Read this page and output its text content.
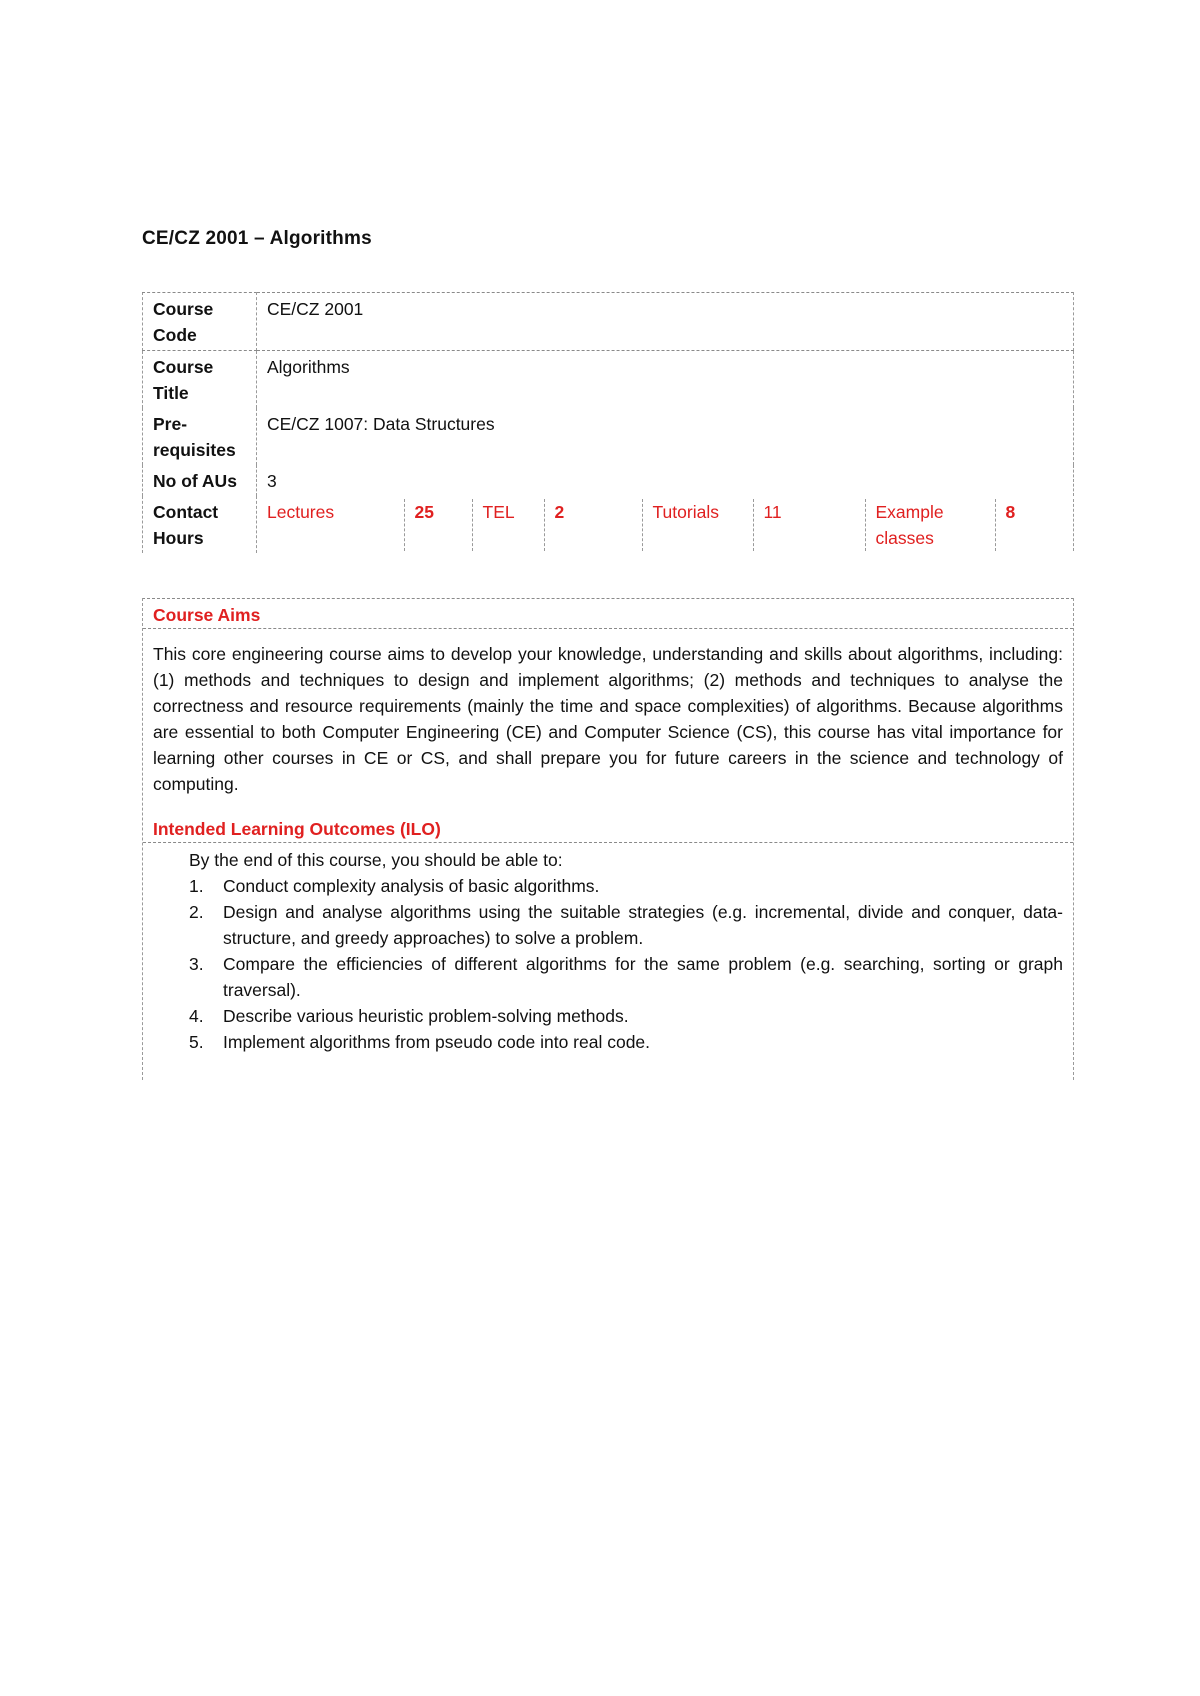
CE/CZ 2001 – Algorithms
Course Code	CE/CZ 2001
Course Title	Algorithms
Pre-requisites	CE/CZ 1007: Data Structures
No of AUs	3
Contact Hours	
Lectures	25	TEL	2	Tutorials	11	Example classes	8
Course Aims
This core engineering course aims to develop your knowledge, understanding and skills about algorithms, including: (1) methods and techniques to design and implement algorithms; (2) methods and techniques to analyse the correctness and resource requirements (mainly the time and space complexities) of algorithms. Because algorithms are essential to both Computer Engineering (CE) and Computer Science (CS), this course has vital importance for learning other courses in CE or CS, and shall prepare you for future careers in the science and technology of computing.
Intended Learning Outcomes (ILO)
By the end of this course, you should be able to:
1.	Conduct complexity analysis of basic algorithms.
2.	Design and analyse algorithms using the suitable strategies (e.g. incremental, divide and conquer, data-structure, and greedy approaches) to solve a problem.
3.	Compare the efficiencies of different algorithms for the same problem (e.g. searching, sorting or graph traversal).
4.	Describe various heuristic problem-solving methods.
5.	Implement algorithms from pseudo code into real code.
